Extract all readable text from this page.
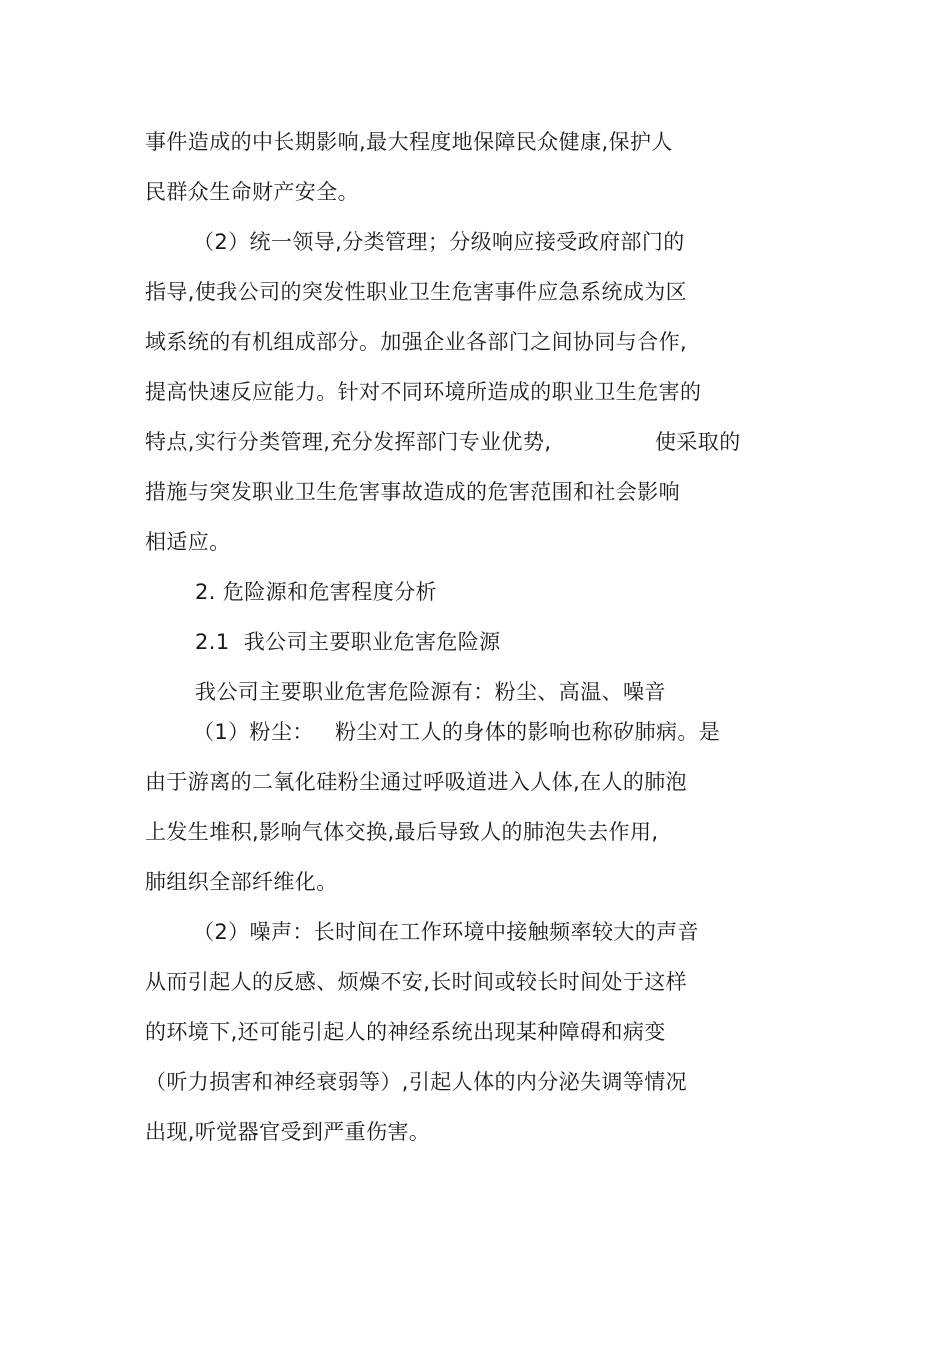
事件造成的中长期影响,最大程度地保障民众健康,保护人
民群众生命财产安全。
（2）统一领导,分类管理；分级响应接受政府部门的
指导,使我公司的突发性职业卫生危害事件应急系统成为区
域系统的有机组成部分。加强企业各部门之间协同与合作,
提高快速反应能力。针对不同环境所造成的职业卫生危害的
特点,实行分类管理,充分发挥部门专业优势,	使采取的
措施与突发职业卫生危害事故造成的危害范围和社会影响
相适应。
2. 危险源和危害程度分析
2.1  我公司主要职业危害危险源
我公司主要职业危害危险源有：粉尘、高温、噪音
（1）粉尘：   粉尘对工人的身体的影响也称矽肺病。是
由于游离的二氧化硅粉尘通过呼吸道进入人体,在人的肺泡
上发生堆积,影响气体交换,最后导致人的肺泡失去作用,
肺组织全部纤维化。
（2）噪声：长时间在工作环境中接触频率较大的声音
从而引起人的反感、烦燥不安,长时间或较长时间处于这样
的环境下,还可能引起人的神经系统出现某种障碍和病变
（听力损害和神经衰弱等）,引起人体的内分泌失调等情况
出现,听觉器官受到严重伤害。
